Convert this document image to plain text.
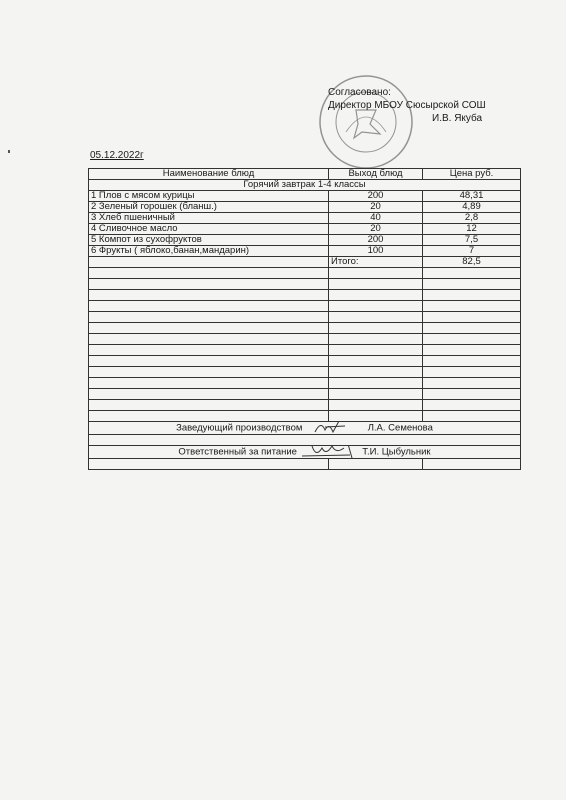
Согласовано:
Директор МБОУ Сюсырской СОШ
И.В. Якуба
05.12.2022г
Наименование блюд	Выход блюд	Цена руб.
Горячий завтрак 1-4 классы		
1 Плов с мясом курицы	200	48,31
2 Зеленый горошек (бланш.)	20	4,89
3 Хлеб пшеничный	40	2,8
4 Сливочное масло	20	12
5 Компот из сухофруктов	200	7,5
6 Фрукты ( яблоко,банан,мандарин)	100	7
	Итого:	82,5

Заведующий производством Л.А. Семенова		

Ответственный за питание Т.И. Цыбульник		
